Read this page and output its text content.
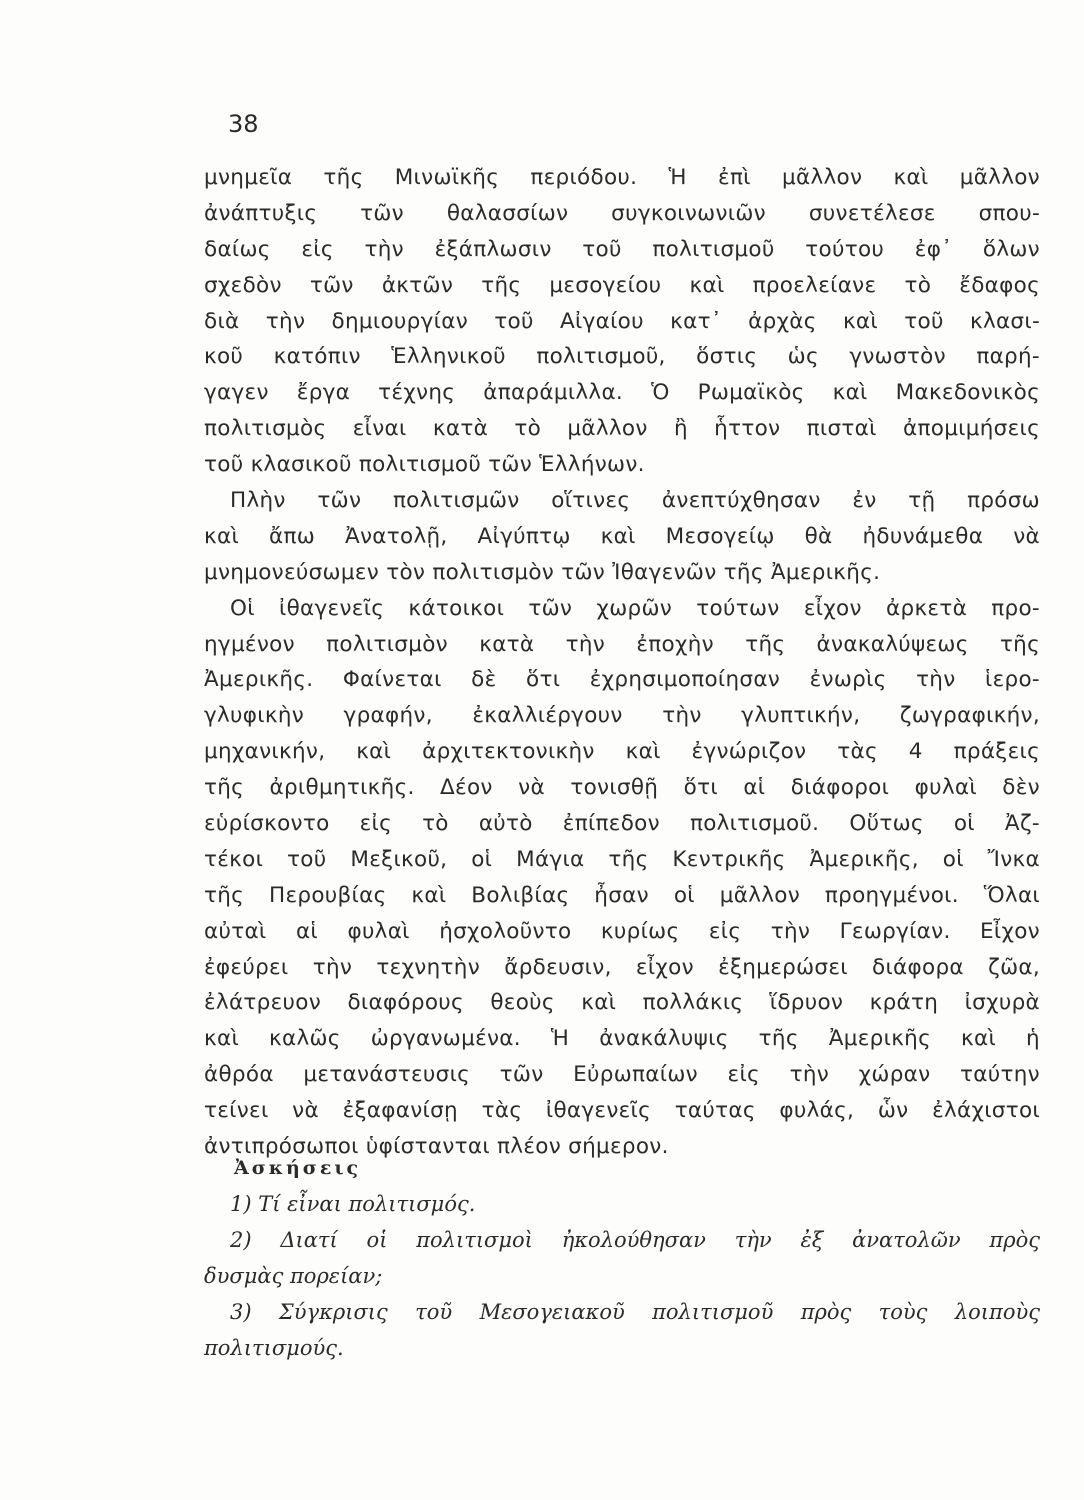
38
μνημεῖα τῆς Μινωϊκῆς περιόδου. Ἡ ἐπὶ μᾶλλον καὶ μᾶλλον
ἀνάπτυξις τῶν θαλασσίων συγκοινωνιῶν συνετέλεσε σπου-
δαίως εἰς τὴν ἐξάπλωσιν τοῦ πολιτισμοῦ τούτου ἐφ᾽ ὅλων
σχεδὸν τῶν ἀκτῶν τῆς μεσογείου καὶ προελείανε τὸ ἔδαφος
διὰ τὴν δημιουργίαν τοῦ Αἰγαίου κατ᾽ ἀρχὰς καὶ τοῦ κλασι-
κοῦ κατόπιν Ἑλληνικοῦ πολιτισμοῦ, ὅστις ὡς γνωστὸν παρή-
γαγεν ἔργα τέχνης ἀπαράμιλλα. Ὁ Ρωμαϊκὸς καὶ Μακεδονικὸς
πολιτισμὸς εἶναι κατὰ τὸ μᾶλλον ἢ ἧττον πισταὶ ἀπομιμήσεις
τοῦ κλασικοῦ πολιτισμοῦ τῶν Ἑλλήνων.
Πλὴν τῶν πολιτισμῶν οἵτινες ἀνεπτύχθησαν ἐν τῇ πρόσω
καὶ ἄπω Ἀνατολῇ, Αἰγύπτῳ καὶ Μεσογείῳ θὰ ἠδυνάμεθα νὰ
μνημονεύσωμεν τὸν πολιτισμὸν τῶν Ἰθαγενῶν τῆς Ἀμερικῆς.
Οἱ ἰθαγενεῖς κάτοικοι τῶν χωρῶν τούτων εἶχον ἀρκετὰ προ-
ηγμένον πολιτισμὸν κατὰ τὴν ἐποχὴν τῆς ἀνακαλύψεως τῆς
Ἀμερικῆς. Φαίνεται δὲ ὅτι ἐχρησιμοποίησαν ἐνωρὶς τὴν ἱερο-
γλυφικὴν γραφήν, ἐκαλλιέργουν τὴν γλυπτικήν, ζωγραφικήν,
μηχανικήν, καὶ ἀρχιτεκτονικὴν καὶ ἐγνώριζον τὰς 4 πράξεις
τῆς ἀριθμητικῆς. Δέον νὰ τονισθῇ ὅτι αἱ διάφοροι φυλαὶ δὲν
εὑρίσκοντο εἰς τὸ αὐτὸ ἐπίπεδον πολιτισμοῦ. Οὕτως οἱ Ἀζ-
τέκοι τοῦ Μεξικοῦ, οἱ Μάγια τῆς Κεντρικῆς Ἀμερικῆς, οἱ Ἴνκα
τῆς Περουβίας καὶ Βολιβίας ἦσαν οἱ μᾶλλον προηγμένοι. Ὅλαι
αὐταὶ αἱ φυλαὶ ἠσχολοῦντο κυρίως εἰς τὴν Γεωργίαν. Εἶχον
ἐφεύρει τὴν τεχνητὴν ἄρδευσιν, εἶχον ἐξημερώσει διάφορα ζῶα,
ἐλάτρευον διαφόρους θεοὺς καὶ πολλάκις ἵδρυον κράτη ἰσχυρὰ
καὶ καλῶς ὠργανωμένα. Ἡ ἀνακάλυψις τῆς Ἀμερικῆς καὶ ἡ
ἀθρόα μετανάστευσις τῶν Εὐρωπαίων εἰς τὴν χώραν ταύτην
τείνει νὰ ἐξαφανίσῃ τὰς ἰθαγενεῖς ταύτας φυλάς, ὧν ἐλάχιστοι
ἀντιπρόσωποι ὑφίστανται πλέον σήμερον.
Ἀσκήσεις
1) Τί εἶναι πολιτισμός.
2) Διατί οἱ πολιτισμοὶ ἠκολούθησαν τὴν ἐξ ἀνατολῶν πρὸς
δυσμὰς πορείαν;
3) Σύγκρισις τοῦ Μεσογειακοῦ πολιτισμοῦ πρὸς τοὺς λοιποὺς
πολιτισμούς.
